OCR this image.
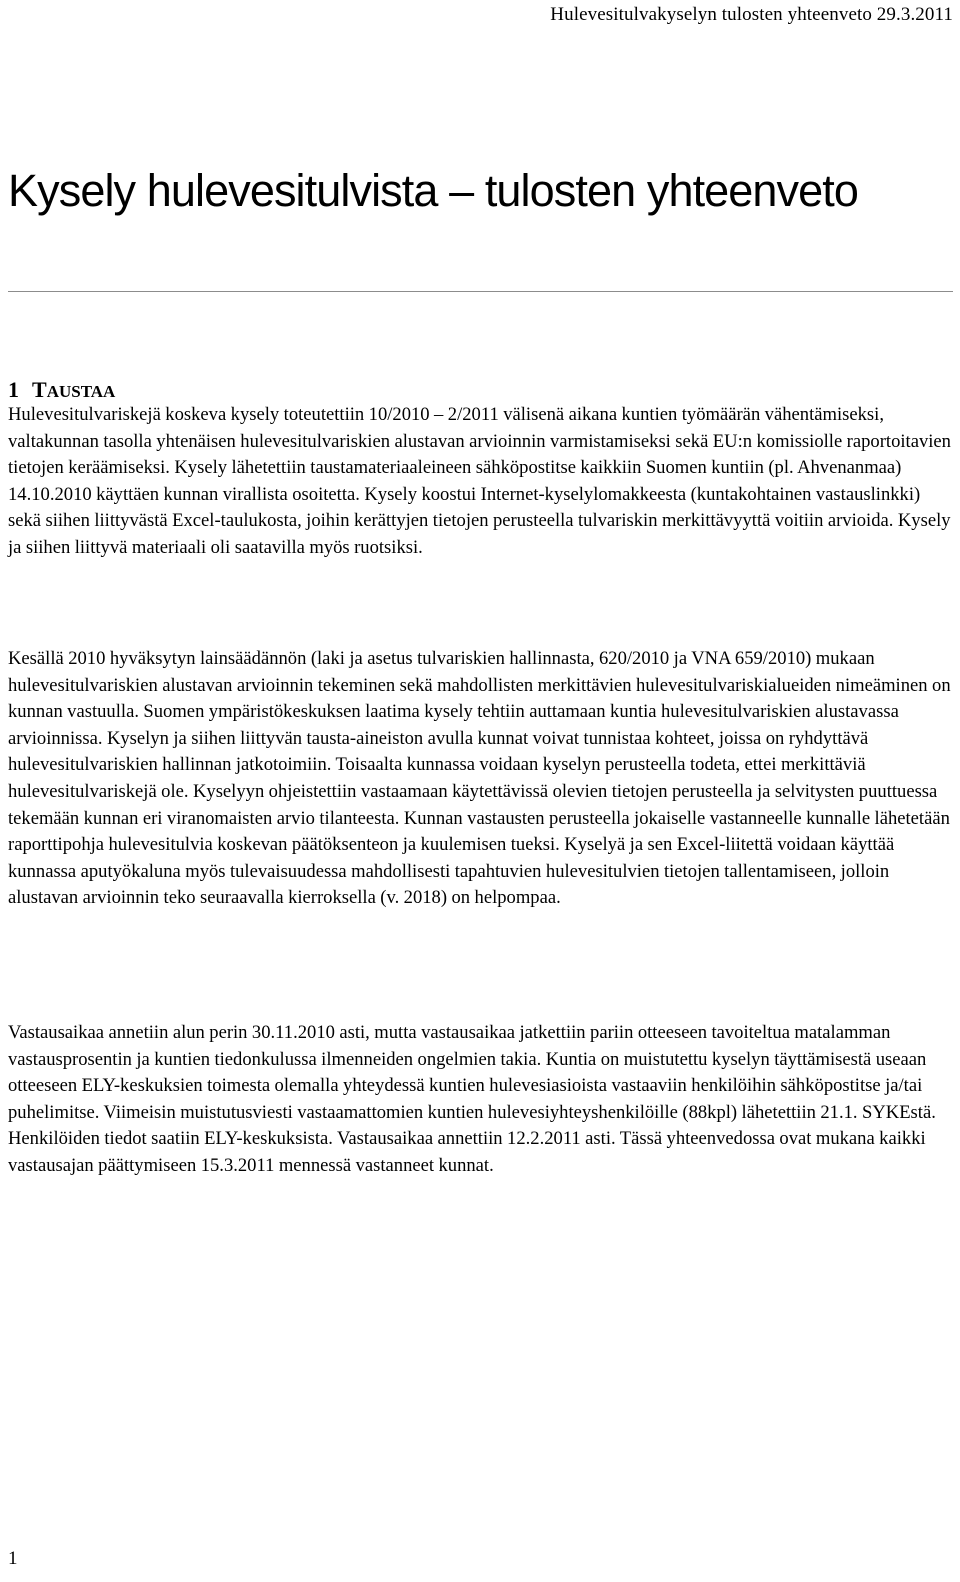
Hulevesitulvakyselyn tulosten yhteenveto 29.3.2011
Kysely hulevesitulvista – tulosten yhteenveto
1 TAUSTAA

Hulevesitulvariskejä koskeva kysely toteutettiin 10/2010 – 2/2011 välisenä aikana kuntien työmäärän vähentämiseksi, valtakunnan tasolla yhtenäisen hulevesitulvariskien alustavan arvioinnin varmistamiseksi sekä EU:n komissiolle raportoitavien tietojen keräämiseksi. Kysely lähetettiin taustamateriaaleineen sähköpostitse kaikkiin Suomen kuntiin (pl. Ahvenanmaa) 14.10.2010 käyttäen kunnan virallista osoitetta. Kysely koostui Internet-kyselylomakkeesta (kuntakohtainen vastauslinkki) sekä siihen liittyvästä Excel-taulukosta, joihin kerättyjen tietojen perusteella tulvariskin merkittävyyttä voitiin arvioida. Kysely ja siihen liittyvä materiaali oli saatavilla myös ruotsiksi.

Kesällä 2010 hyväksytyn lainsäädännön (laki ja asetus tulvariskien hallinnasta, 620/2010 ja VNA 659/2010) mukaan hulevesitulvariskien alustavan arvioinnin tekeminen sekä mahdollisten merkittävien hulevesitulvariskialueiden nimeäminen on kunnan vastuulla. Suomen ympäristökeskuksen laatima kysely tehtiin auttamaan kuntia hulevesitulvariskien alustavassa arvioinnissa. Kyselyn ja siihen liittyvän tausta-aineiston avulla kunnat voivat tunnistaa kohteet, joissa on ryhdyttävä hulevesitulvariskien hallinnan jatkotoimiin. Toisaalta kunnassa voidaan kyselyn perusteella todeta, ettei merkittäviä hulevesitulvariskejä ole. Kyselyyn ohjeistettiin vastaamaan käytettävissä olevien tietojen perusteella ja selvitysten puuttuessa tekemään kunnan eri viranomaisten arvio tilanteesta. Kunnan vastausten perusteella jokaiselle vastanneelle kunnalle lähetetään raporttipohja hulevesitulvia koskevan päätöksenteon ja kuulemisen tueksi. Kyselyä ja sen Excel-liitettä voidaan käyttää kunnassa aputyökaluna myös tulevaisuudessa mahdollisesti tapahtuvien hulevesitulvien tietojen tallentamiseen, jolloin alustavan arvioinnin teko seuraavalla kierroksella (v. 2018) on helpompaa.

Vastausaikaa annetiin alun perin 30.11.2010 asti, mutta vastausaikaa jatkettiin pariin otteeseen tavoiteltua matalamman vastausprosentin ja kuntien tiedonkulussa ilmenneiden ongelmien takia. Kuntia on muistutettu kyselyn täyttämisestä useaan otteeseen ELY-keskuksien toimesta olemalla yhteydessä kuntien hulevesiasioista vastaaviin henkilöihin sähköpostitse ja/tai puhelimitse. Viimeisin muistutusviesti vastaamattomien kuntien hulevesiyhteyshenkilöille (88kpl) lähetettiin 21.1. SYKEstä. Henkilöiden tiedot saatiin ELY-keskuksista. Vastausaikaa annettiin 12.2.2011 asti. Tässä yhteenvedossa ovat mukana kaikki vastausajan päättymiseen 15.3.2011 mennessä vastanneet kunnat.

1
